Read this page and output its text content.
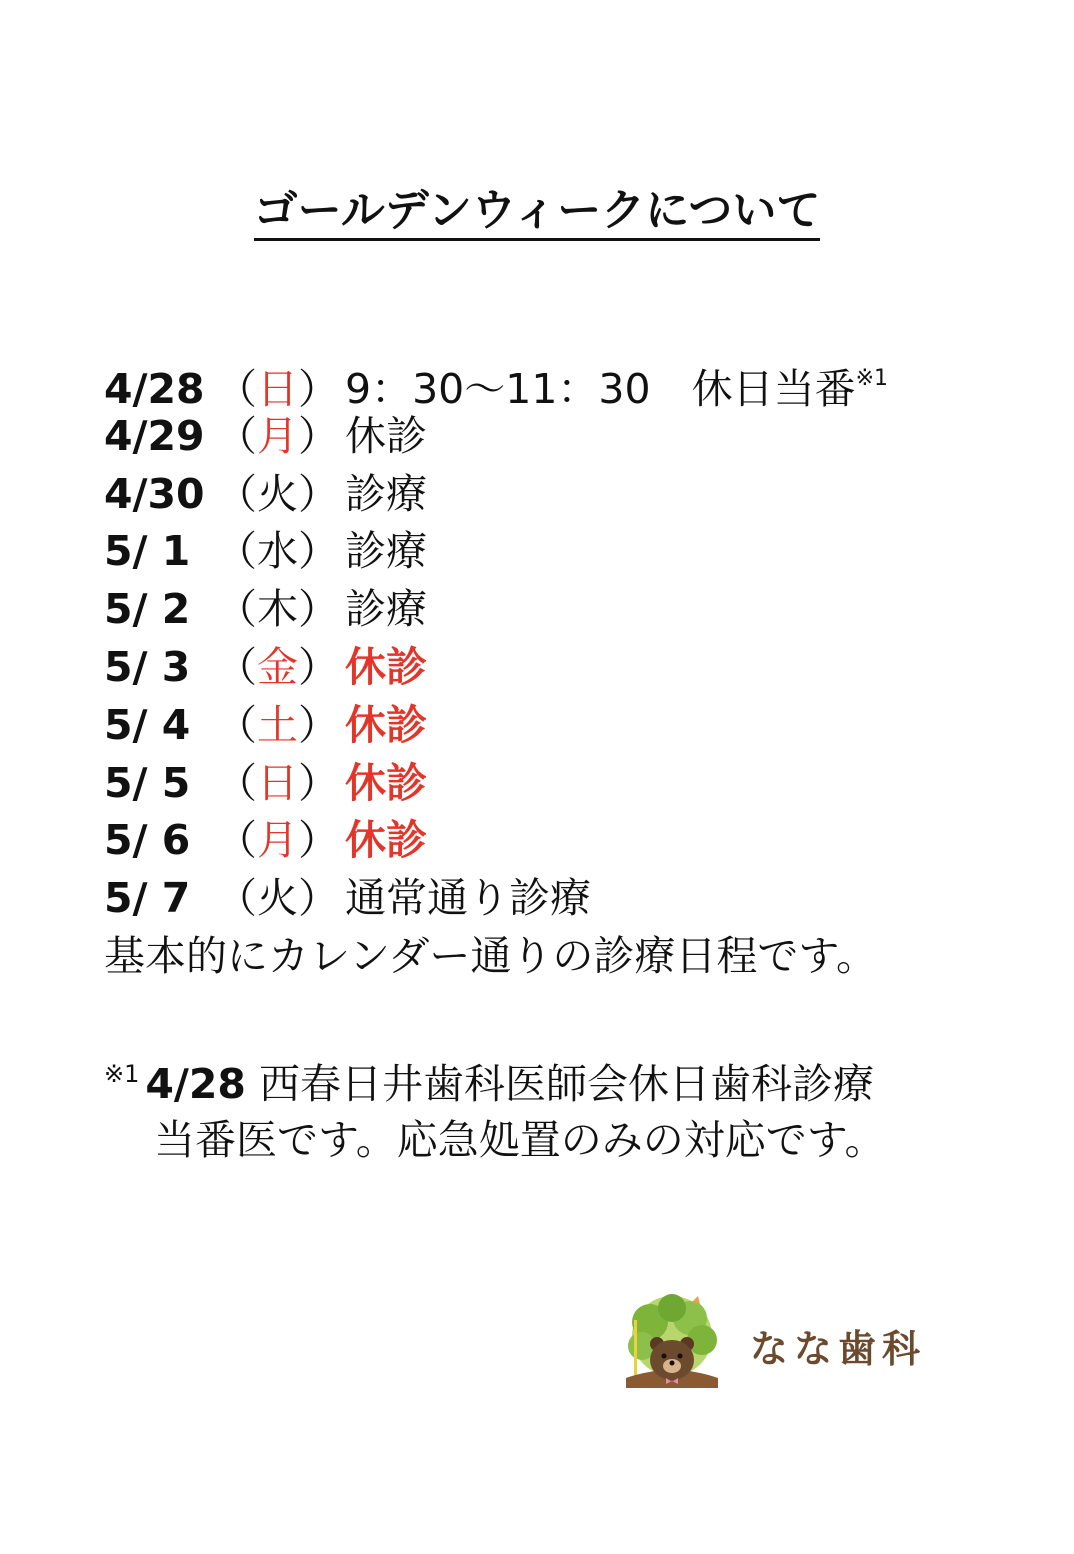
ゴールデンウィークについて
4/28 （日） 9：30〜11：30　休日当番$^{※1}$
4/29 （月） 休診
4/30 （火） 診療
5/ 1 （水） 診療
5/ 2 （木） 診療
5/ 3 （金） 休診
5/ 4 （土） 休診
5/ 5 （日） 休診
5/ 6 （月） 休診
5/ 7 （火） 通常通り診療
基本的にカレンダー通りの診療日程です。
$^{※1}$ 4/28 西春日井歯科医師会休日歯科診療
当番医です。応急処置のみの対応です。
なな歯科
